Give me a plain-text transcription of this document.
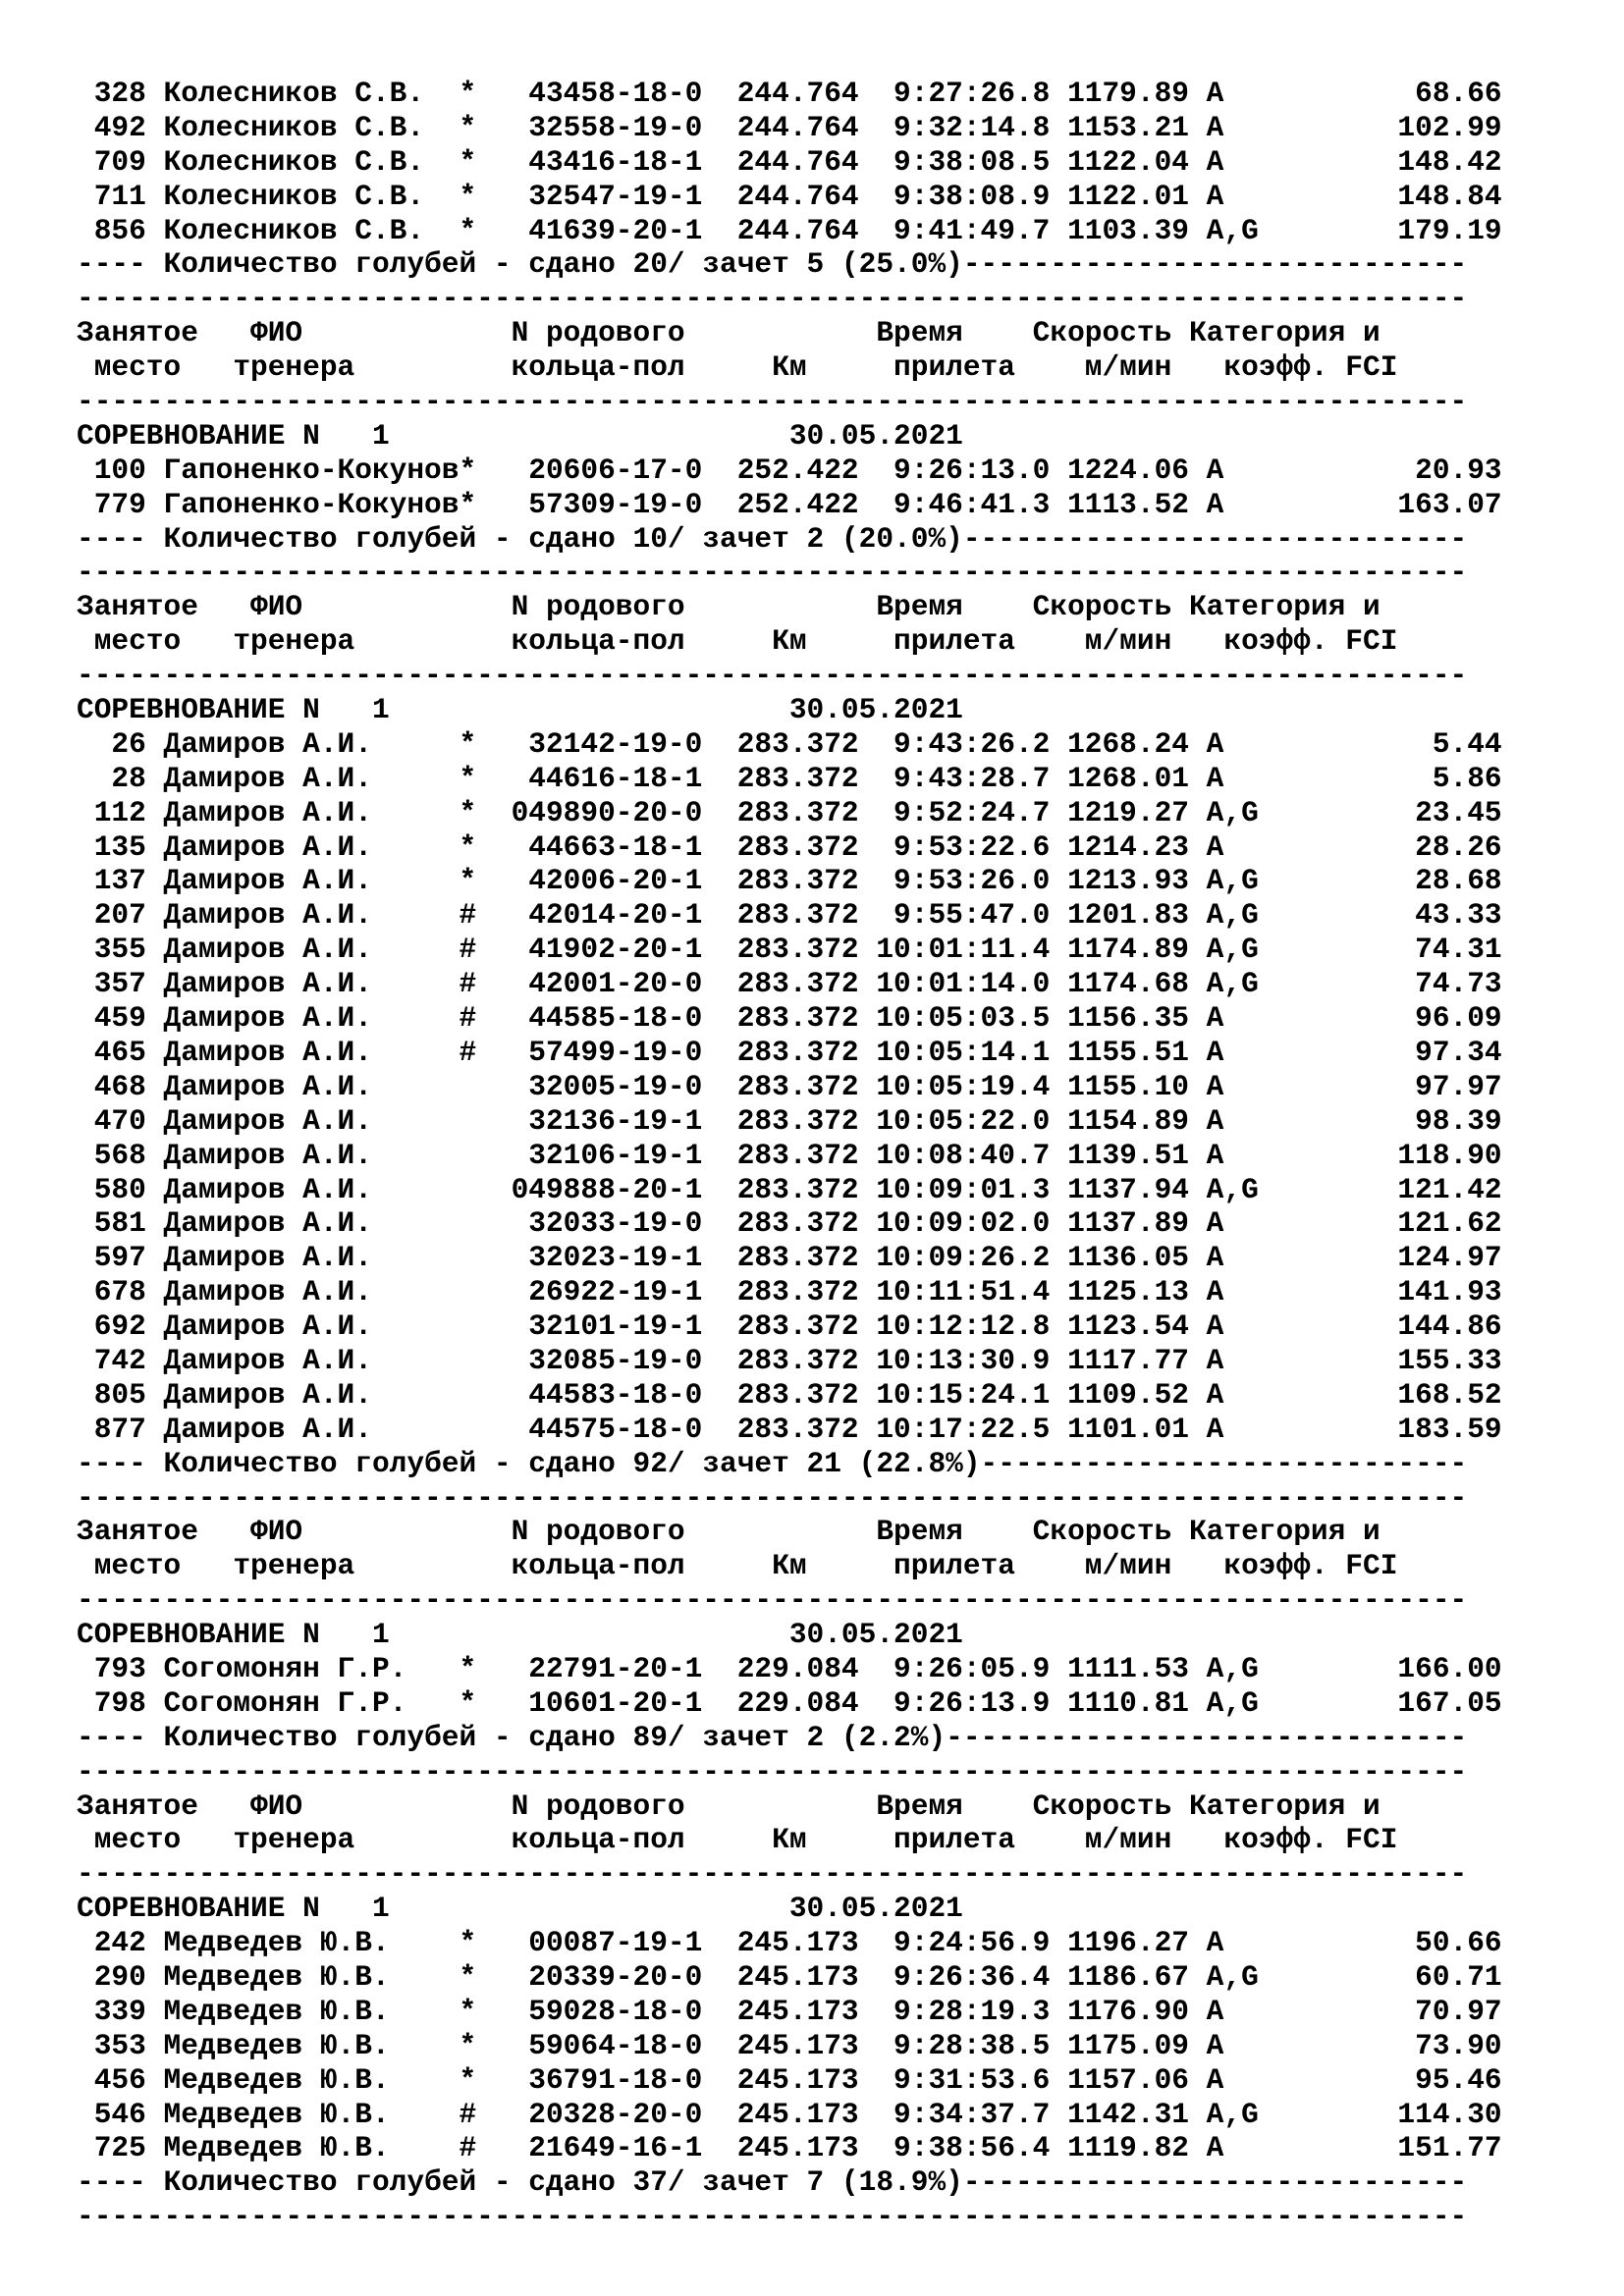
328 Колесников С.В.  *   43458-18-0  244.764  9:27:26.8 1179.89 A           68.66
492 Колесников С.В.  *   32558-19-0  244.764  9:32:14.8 1153.21 A          102.99
709 Колесников С.В.  *   43416-18-1  244.764  9:38:08.5 1122.04 A          148.42
711 Колесников С.В.  *   32547-19-1  244.764  9:38:08.9 1122.01 A          148.84
856 Колесников С.В.  *   41639-20-1  244.764  9:41:49.7 1103.39 A,G        179.19
---- Количество голубей - сдано 20/ зачет 5 (25.0%)-----------------------------
--------------------------------------------------------------------------------
Занятое   ФИО            N родового           Время    Скорость Категория и
место   тренера         кольца-пол     Км     прилета    м/мин   коэфф. FCI
--------------------------------------------------------------------------------
СОРЕВНОВАНИЕ N   1                       30.05.2021
100 Гапоненко-Кокунов*   20606-17-0  252.422  9:26:13.0 1224.06 A           20.93
779 Гапоненко-Кокунов*   57309-19-0  252.422  9:46:41.3 1113.52 A          163.07
---- Количество голубей - сдано 10/ зачет 2 (20.0%)-----------------------------
--------------------------------------------------------------------------------
Занятое   ФИО            N родового           Время    Скорость Категория и
место   тренера         кольца-пол     Км     прилета    м/мин   коэфф. FCI
--------------------------------------------------------------------------------
СОРЕВНОВАНИЕ N   1                       30.05.2021
26 Дамиров А.И.     *   32142-19-0  283.372  9:43:26.2 1268.24 A            5.44
28 Дамиров А.И.     *   44616-18-1  283.372  9:43:28.7 1268.01 A            5.86
112 Дамиров А.И.     *  049890-20-0  283.372  9:52:24.7 1219.27 A,G         23.45
135 Дамиров А.И.     *   44663-18-1  283.372  9:53:22.6 1214.23 A           28.26
137 Дамиров А.И.     *   42006-20-1  283.372  9:53:26.0 1213.93 A,G         28.68
207 Дамиров А.И.     #   42014-20-1  283.372  9:55:47.0 1201.83 A,G         43.33
355 Дамиров А.И.     #   41902-20-1  283.372 10:01:11.4 1174.89 A,G         74.31
357 Дамиров А.И.     #   42001-20-0  283.372 10:01:14.0 1174.68 A,G         74.73
459 Дамиров А.И.     #   44585-18-0  283.372 10:05:03.5 1156.35 A           96.09
465 Дамиров А.И.     #   57499-19-0  283.372 10:05:14.1 1155.51 A           97.34
468 Дамиров А.И.         32005-19-0  283.372 10:05:19.4 1155.10 A           97.97
470 Дамиров А.И.         32136-19-1  283.372 10:05:22.0 1154.89 A           98.39
568 Дамиров А.И.         32106-19-1  283.372 10:08:40.7 1139.51 A          118.90
580 Дамиров А.И.        049888-20-1  283.372 10:09:01.3 1137.94 A,G        121.42
581 Дамиров А.И.         32033-19-0  283.372 10:09:02.0 1137.89 A          121.62
597 Дамиров А.И.         32023-19-1  283.372 10:09:26.2 1136.05 A          124.97
678 Дамиров А.И.         26922-19-1  283.372 10:11:51.4 1125.13 A          141.93
692 Дамиров А.И.         32101-19-1  283.372 10:12:12.8 1123.54 A          144.86
742 Дамиров А.И.         32085-19-0  283.372 10:13:30.9 1117.77 A          155.33
805 Дамиров А.И.         44583-18-0  283.372 10:15:24.1 1109.52 A          168.52
877 Дамиров А.И.         44575-18-0  283.372 10:17:22.5 1101.01 A          183.59
---- Количество голубей - сдано 92/ зачет 21 (22.8%)----------------------------
--------------------------------------------------------------------------------
Занятое   ФИО            N родового           Время    Скорость Категория и
место   тренера         кольца-пол     Км     прилета    м/мин   коэфф. FCI
--------------------------------------------------------------------------------
СОРЕВНОВАНИЕ N   1                       30.05.2021
793 Согомонян Г.Р.   *   22791-20-1  229.084  9:26:05.9 1111.53 A,G        166.00
798 Согомонян Г.Р.   *   10601-20-1  229.084  9:26:13.9 1110.81 A,G        167.05
---- Количество голубей - сдано 89/ зачет 2 (2.2%)------------------------------
--------------------------------------------------------------------------------
Занятое   ФИО            N родового           Время    Скорость Категория и
место   тренера         кольца-пол     Км     прилета    м/мин   коэфф. FCI
--------------------------------------------------------------------------------
СОРЕВНОВАНИЕ N   1                       30.05.2021
242 Медведев Ю.В.    *   00087-19-1  245.173  9:24:56.9 1196.27 A           50.66
290 Медведев Ю.В.    *   20339-20-0  245.173  9:26:36.4 1186.67 A,G         60.71
339 Медведев Ю.В.    *   59028-18-0  245.173  9:28:19.3 1176.90 A           70.97
353 Медведев Ю.В.    *   59064-18-0  245.173  9:28:38.5 1175.09 A           73.90
456 Медведев Ю.В.    *   36791-18-0  245.173  9:31:53.6 1157.06 A           95.46
546 Медведев Ю.В.    #   20328-20-0  245.173  9:34:37.7 1142.31 A,G        114.30
725 Медведев Ю.В.    #   21649-16-1  245.173  9:38:56.4 1119.82 A          151.77
---- Количество голубей - сдано 37/ зачет 7 (18.9%)-----------------------------
--------------------------------------------------------------------------------
